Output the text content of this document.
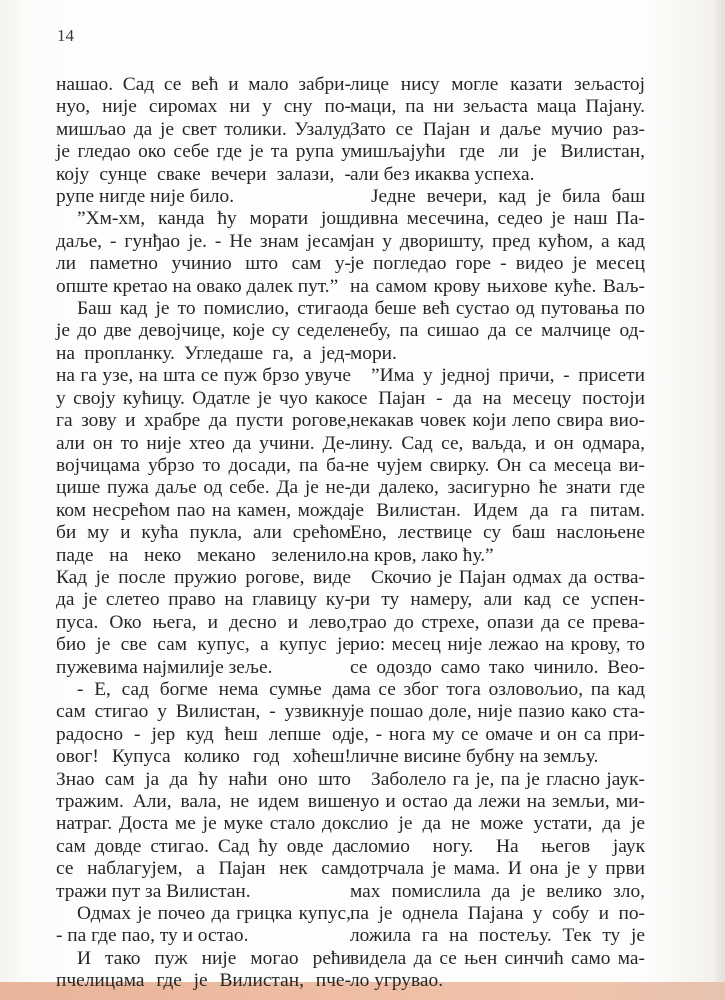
14

нашао. Сад се већ и мало забри-

нуо, није сиромах ни у сну по-

мишљао да је свет толики. Узалуд

је гледао око себе где је та рупа у

коју сунце сваке вечери залази, -

рупе нигде није било.

”Хм-хм, канда ћу морати још

даље, - гунђао је. - Не знам јесам

ли паметно учинио што сам у-

опште кретао на овако далек пут.”

Баш кад је то помислио, стигао

је до две девојчице, које су седеле

на пропланку. Угледаше га, а јед-

на га узе, на шта се пуж брзо увуче

у своју кућицу. Одатле је чуо како

га зову и храбре да пусти рогове,

али он то није хтео да учини. Де-

војчицама убрзо то досади, па ба-

цише пужа даље од себе. Да је не-

ком несрећом пао на камен, можда

би му и кућа пукла, али срећом

паде на неко мекано зеленило.

Кад је после пружио рогове, виде

да је слетео право на главицу ку-

пуса. Око њега, и десно и лево,

био је све сам купус, а купус је

пужевима најмилије зеље.

- Е, сад богме нема сумње да

сам стигао у Вилистан, - узвикну

радосно - јер куд ћеш лепше од

овог! Купуса колико год хоћеш!

Знао сам ја да ћу наћи оно што

тражим. Али, вала, не идем више

натраг. Доста ме је муке стало док

сам довде стигао. Сад ћу овде да

се наблагујем, а Пајан нек сам

тражи пут за Вилистан.

Одмах је почео да грицка купус,

- па где пао, ту и остао.

И тако пуж није могао рећи

пчелицама где је Вилистан, пче-

лице нису могле казати зељастој

маци, па ни зељаста маца Пајану.

Зато се Пајан и даље мучио раз-

мишљајући где ли је Вилистан,

али без икаква успеха.

Једне вечери, кад је била баш

дивна месечина, седео је наш Па-

јан у дворишту, пред кућом, а кад

је погледао горе - видео је месец

на самом крову њихове куће. Ваљ-

да беше већ сустао од путовања по

небу, па сишао да се малчице од-

мори.

”Има у једној причи, - присети

се Пајан - да на месецу постоји

некакав човек који лепо свира вио-

лину. Сад се, ваљда, и он одмара,

не чујем свирку. Он са месеца ви-

ди далеко, засигурно ће знати где

је Вилистан. Идем да га питам.

Ено, лествице су баш наслоњене

на кров, лако ћу.”

Скочио је Пајан одмах да оства-

ри ту намеру, али кад се успен-

трао до стрехе, опази да се прева-

рио: месец није лежао на крову, то

се одоздо само тако чинило. Вео-

ма се због тога озловољио, па кад

је пошао доле, није пазио како ста-

је, - нога му се омаче и он са при-

личне висине бубну на земљу.

Заболело га је, па је гласно јаук-

нуо и остао да лежи на земљи, ми-

слио је да не може устати, да је

сломио ногу. На његов јаук

дотрчала је мама. И она је у први

мах помислила да је велико зло,

па је однела Пајана у собу и по-

ложила га на постељу. Тек ту је

видела да се њен синчић само ма-

ло угрувао.
